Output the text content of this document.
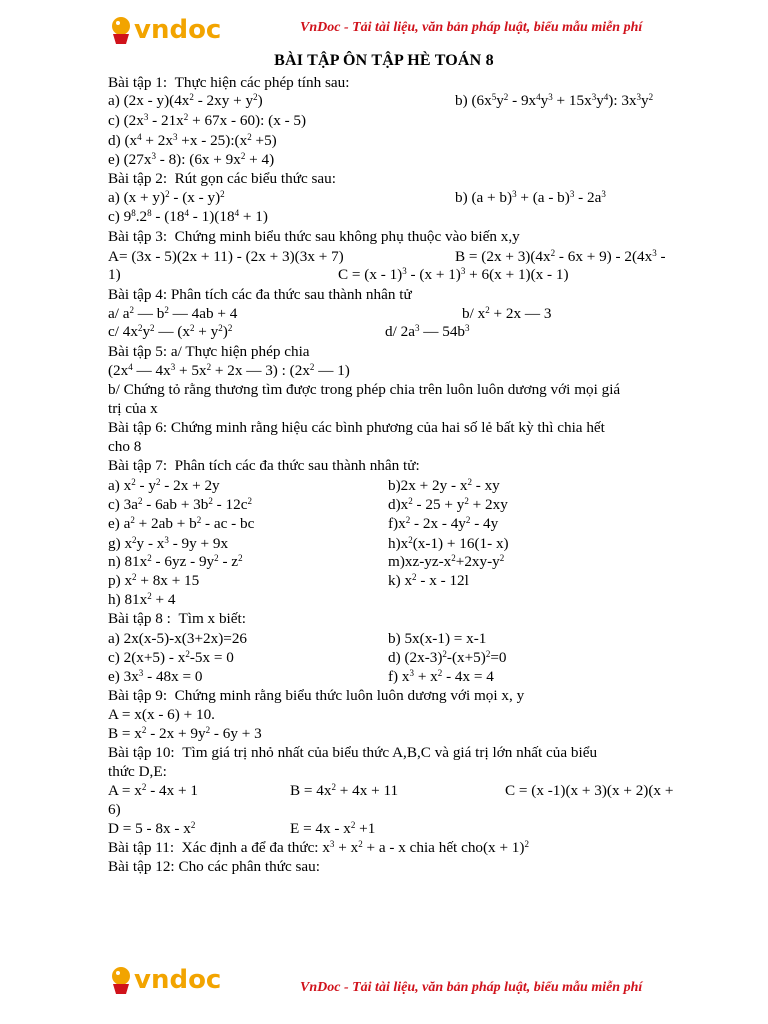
vndoc	VnDoc - Tải tài liệu, văn bản pháp luật, biểu mẫu miễn phí
BÀI TẬP ÔN TẬP HÈ TOÁN 8
Bài tập 1:  Thực hiện các phép tính sau:
a) $(2x - y)(4x^2 - 2xy + y^2)$	b) $(6x^5y^2 - 9x^4y^3 + 15x^3y^4)$: $3x^3y^2$
c) $(2x^3 - 21x^2 + 67x - 60)$: (x - 5)
d) ($x^4 + 2x^3 +x$ - $25):(x^2 +5)$
e) $(27x^3 - 8)$: $(6x + 9x^2 + 4)$
Bài tập 2:  Rút gọn các biểu thức sau:
a) $(x + y)^2 - (x - y)^2$	b) $(a + b)^3 + (a - b)^3 - 2a^3$
c) $9^8.2^8 - (18^4 - 1)(18^4 + 1)$
Bài tập 3:  Chứng minh biểu thức sau không phụ thuộc vào biến x,y
A= (3x - 5)(2x + 11) - (2x + 3)(3x + 7)	$B = (2x + 3)(4x^2 - 6x + 9) - 2(4x^3$ -
1)	$C = (x - 1)^3 - (x + 1)^3 + 6(x + 1)(x - 1)$
Bài tập 4: Phân tích các đa thức sau thành nhân tử
a/ $a^2$ — $b^2$ — 4ab + 4	b/ $x^2 + 2x$ — 3
c/ $4x^2y^2$ — $(x^2 + y^2)^2$	d/ $2a^3$ — $54b^3$
Bài tập 5: a/ Thực hiện phép chia
($2x^4$ — $4x^3 + 5x^2 + 2x$ — 3) : ($2x^2$ — 1)
b/ Chứng tỏ rằng thương tìm được trong phép chia trên luôn luôn dương với mọi giá
trị của x
Bài tập 6: Chứng minh rằng hiệu các bình phương của hai số lẻ bất kỳ thì chia hết
cho 8
Bài tập 7:  Phân tích các đa thức sau thành nhân tử:
a) $x^2 - y^2 - 2x + 2y$	$b)2x + 2y - x^2$ - xy
c) $3a^2 - 6ab + 3b^2 - 12c^2$	$d)x^2 - 25 + y^2 + 2xy$
e) $a^2 + 2ab + b^2$ - ac - bc	$f)x^2 - 2x - 4y^2 - 4y$
g) $x^2y - x^3 - 9y + 9x$	$h)x^2(x-1) + 16(1-$ x)
n) $81x^2 - 6yz - 9y^2 - z^2$	$m)xz-yz-x^2+2xy-y^2$
p) $x^2 + 8x + 15$	k) $x^2$ - x - 12l
h) $81x^2 + 4$
Bài tập 8 :  Tìm x biết:
a) 2x(x-5)-x(3+2x)=26	b) 5x(x-1) = x-1
c) $2(x+5) - x^2-5x = 0$	d) $(2x-3)^2-(x+5)^2=0$
e) $3x^3 - 48x = 0$	f) $x^3 + x^2 - 4x = 4$
Bài tập 9:  Chứng minh rằng biểu thức luôn luôn dương với mọi x, y
A = x(x - 6) + 10.
$B = x^2 - 2x + 9y^2 - 6y + 3$
Bài tập 10:  Tìm giá trị nhỏ nhất của biểu thức A,B,C và giá trị lớn nhất của biểu
thức D,E:
$A = x^2 - 4x + 1$	$B = 4x^2 + 4x + 11$	C = (x -1)(x + 3)(x + 2)(x +
6)
$D = 5 - 8x - x^2$	$E = 4x - x^2 +1$
Bài tập 11:  Xác định a để đa thức: $x^3 + x^2 + a - x$ chia hết $cho(x + 1)^2$
Bài tập 12: Cho các phân thức sau:
vndoc	VnDoc - Tải tài liệu, văn bản pháp luật, biểu mẫu miễn phí
